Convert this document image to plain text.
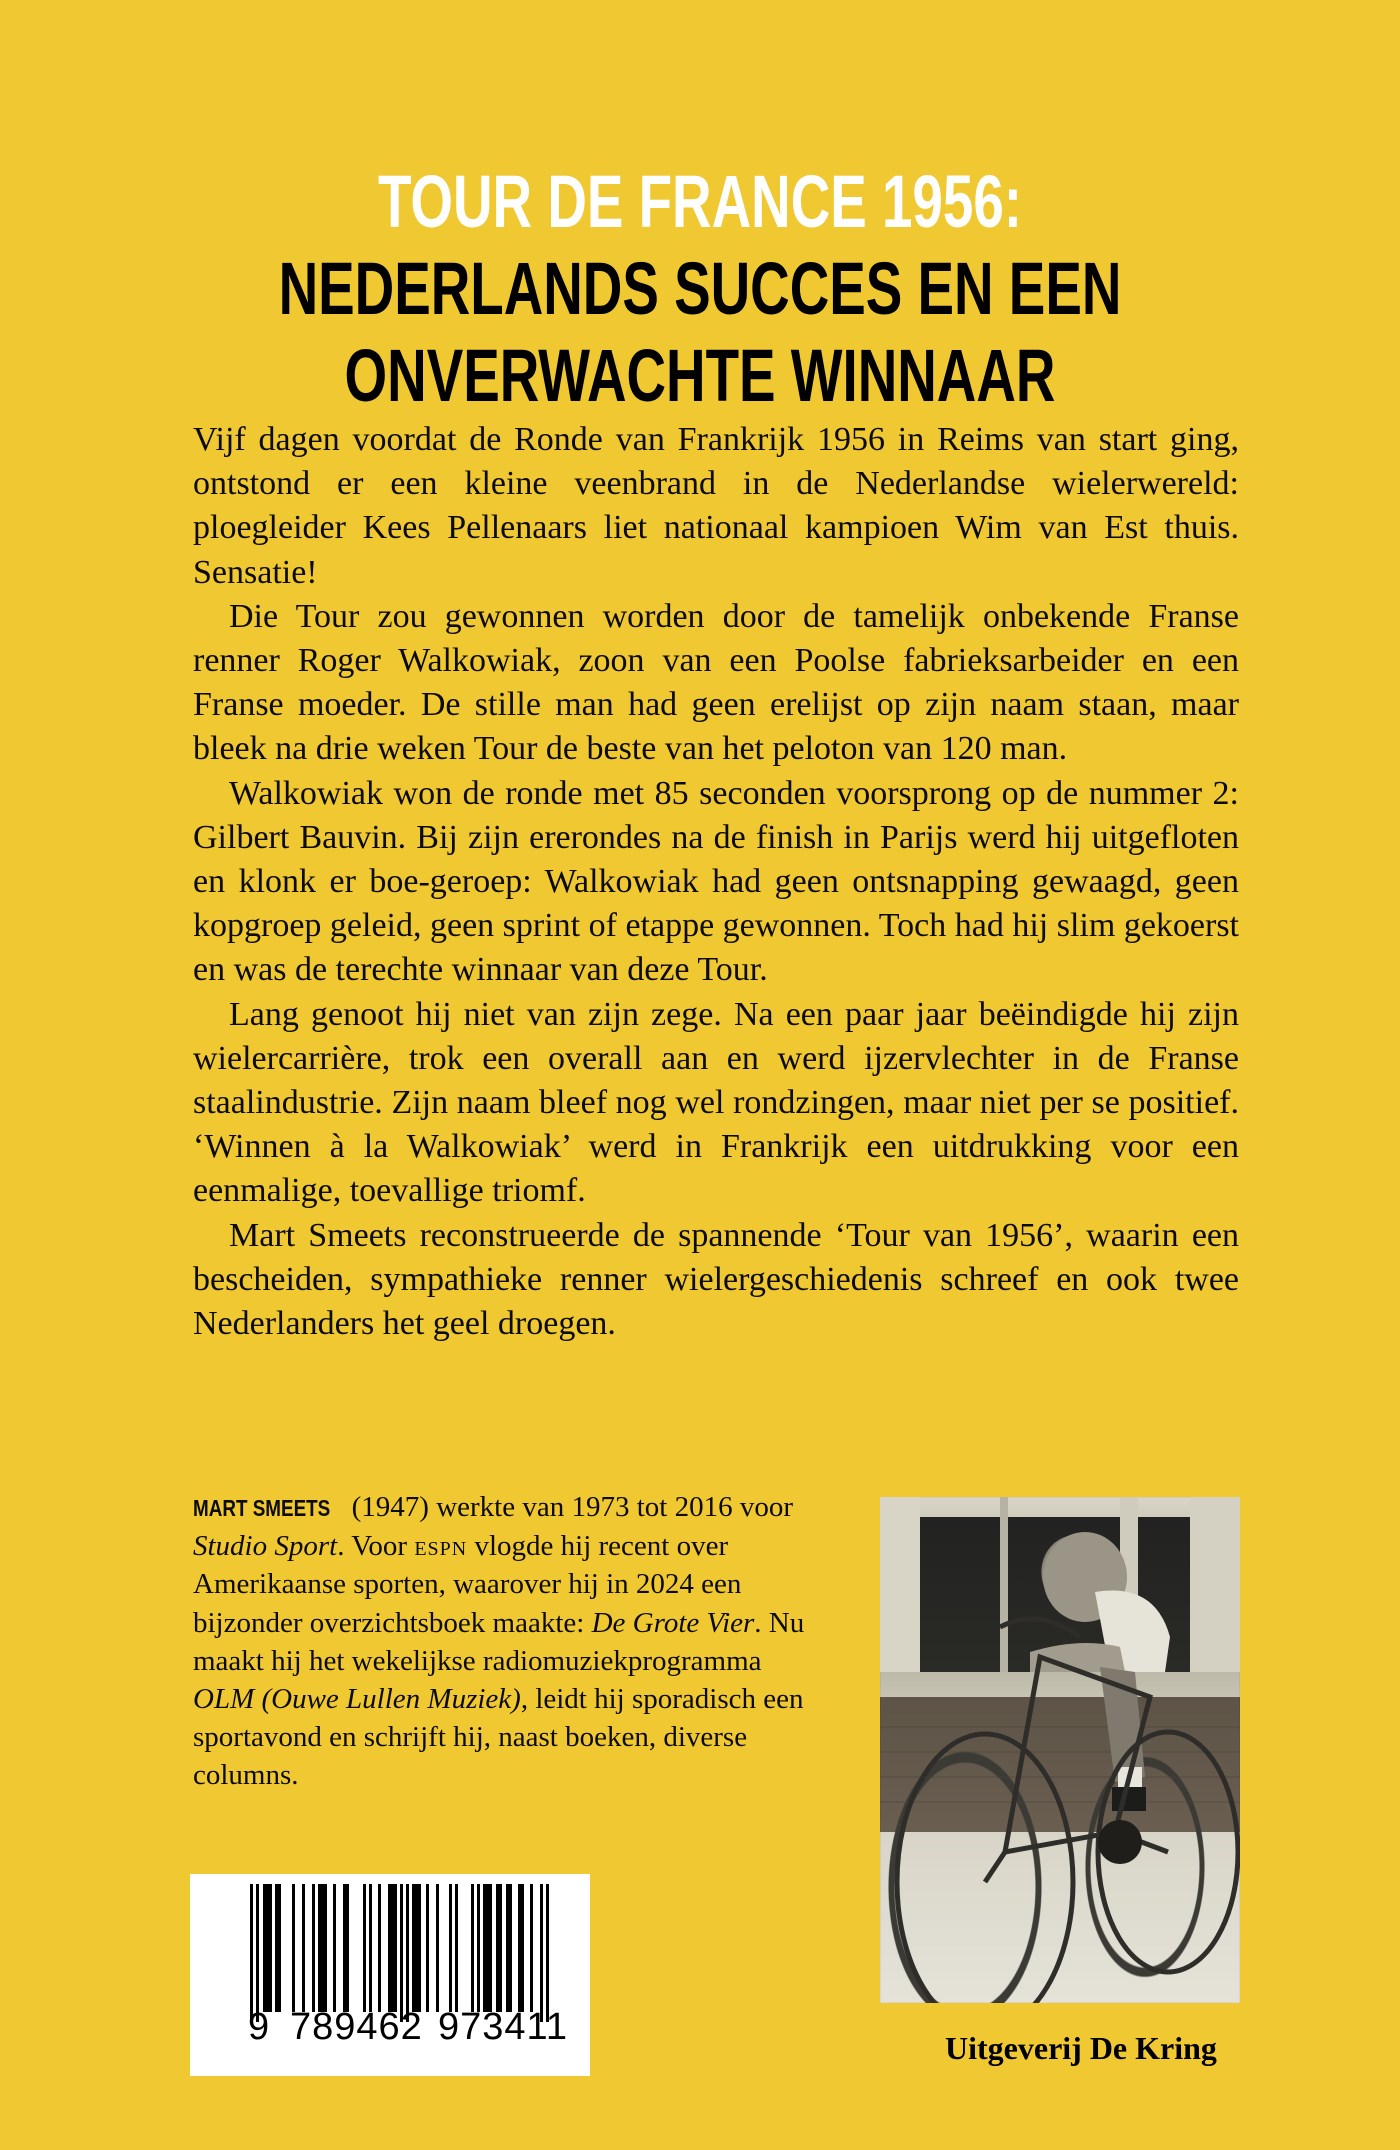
TOUR DE FRANCE 1956:
NEDERLANDS SUCCES EN EEN
ONVERWACHTE WINNAAR

Vijf dagen voordat de Ronde van Frankrijk 1956 in Reims van start ging, ontstond er een kleine veenbrand in de Nederlandse wielerwereld: ploegleider Kees Pellenaars liet nationaal kampioen Wim van Est thuis. Sensatie!

Die Tour zou gewonnen worden door de tamelijk onbekende Franse renner Roger Walkowiak, zoon van een Poolse fabrieksarbeider en een Franse moeder. De stille man had geen erelijst op zijn naam staan, maar bleek na drie weken Tour de beste van het peloton van 120 man.

Walkowiak won de ronde met 85 seconden voorsprong op de nummer 2: Gilbert Bauvin. Bij zijn ererondes na de finish in Parijs werd hij uitgefloten en klonk er boe-geroep: Walkowiak had geen ontsnapping gewaagd, geen kopgroep geleid, geen sprint of etappe gewonnen. Toch had hij slim gekoerst en was de terechte winnaar van deze Tour.

Lang genoot hij niet van zijn zege. Na een paar jaar beëindigde hij zijn wielercarrière, trok een overall aan en werd ijzervlechter in de Franse staalindustrie. Zijn naam bleef nog wel rondzingen, maar niet per se positief. ‘Winnen à la Walkowiak’ werd in Frankrijk een uitdrukking voor een eenmalige, toevallige triomf.

Mart Smeets reconstrueerde de spannende ‘Tour van 1956’, waarin een bescheiden, sympathieke renner wielergeschiedenis schreef en ook twee Nederlanders het geel droegen.

MART SMEETS (1947) werkte van 1973 tot 2016 voor Studio Sport. Voor espn vlogde hij recent over Amerikaanse sporten, waarover hij in 2024 een bijzonder overzichtsboek maakte: De Grote Vier. Nu maakt hij het wekelijkse radiomuziekprogramma OLM (Ouwe Lullen Muziek), leidt hij sporadisch een sportavond en schrijft hij, naast boeken, diverse columns.
9 789462 973411	Uitgeverij De Kring
